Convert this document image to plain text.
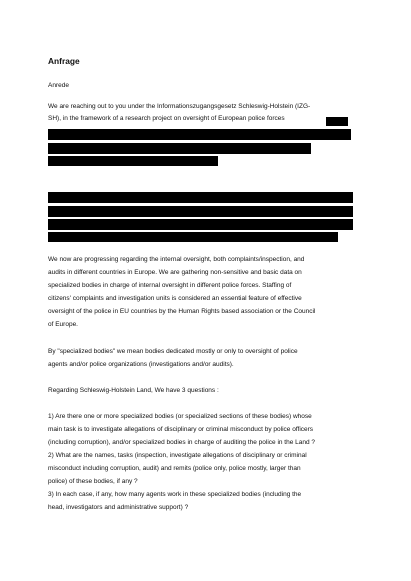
Anfrage
Anrede
We are reaching out to you under the Informationszugangsgesetz Schleswig-Holstein (IZG-
SH), in the framework of a research project on oversight of European police forces
We now are progressing regarding the internal oversight, both complaints/inspection, and
audits in different countries in Europe. We are gathering non-sensitive and basic data on
specialized bodies in charge of internal oversight in different police forces. Staffing of
citizens' complaints and investigation units is considered an essential feature of effective
oversight of the police in EU countries by the Human Rights based association or the Council
of Europe.
By "specialized bodies" we mean bodies dedicated mostly or only to oversight of police
agents and/or police organizations (investigations and/or audits).
Regarding Schleswig-Holstein Land, We have 3 questions :
1) Are there one or more specialized bodies (or specialized sections of these bodies) whose
main task is to investigate allegations of disciplinary or criminal misconduct by police officers
(including corruption), and/or specialized bodies in charge of auditing the police in the Land ?
2) What are the names, tasks (inspection, investigate allegations of disciplinary or criminal
misconduct including corruption, audit) and remits (police only, police mostly, larger than
police) of these bodies, if any ?
3) In each case, if any, how many agents work in these specialized bodies (including the
head, investigators and administrative support) ?
